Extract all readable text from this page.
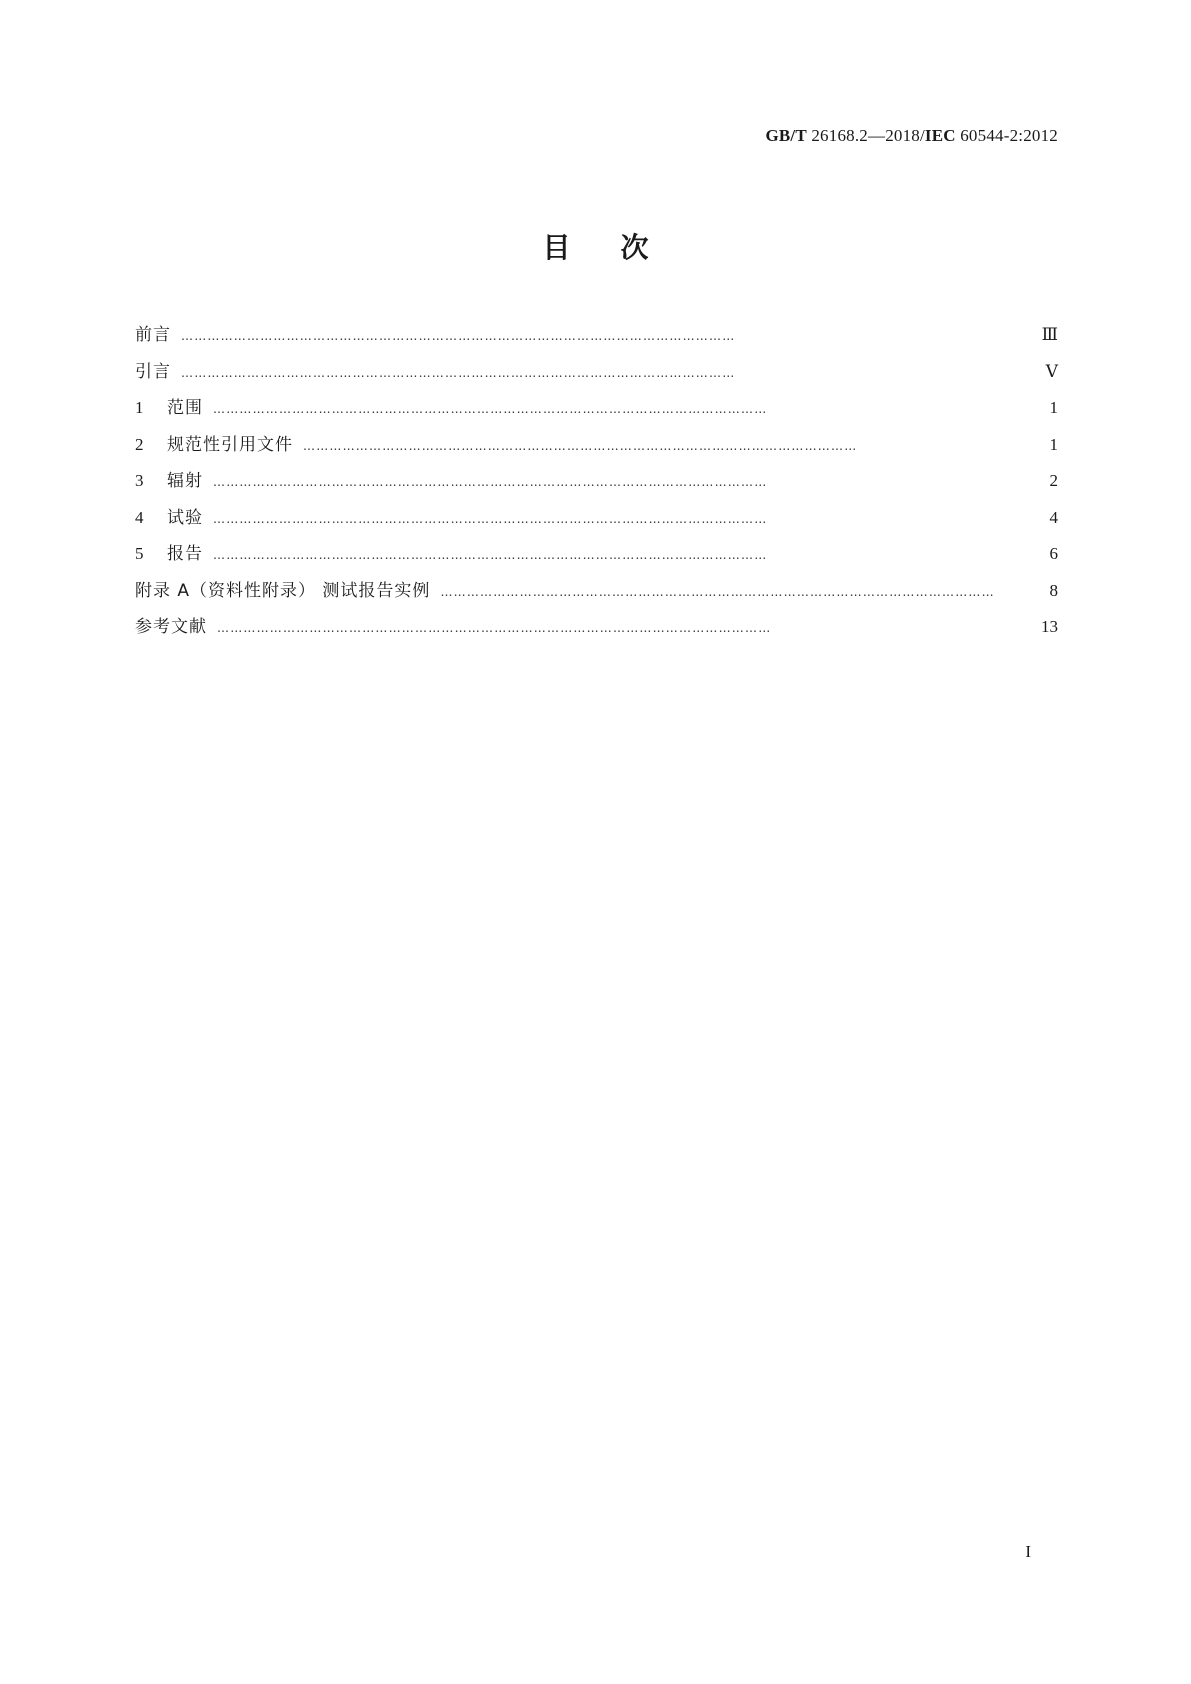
GB/T 26168.2—2018/IEC 60544-2:2012
目次
前言 ………………………………………………………………………………………………………………	Ⅲ
引言 ………………………………………………………………………………………………………………	Ⅴ
1	范围 ………………………………………………………………………………………………………………	1
2	规范性引用文件 ………………………………………………………………………………………………………………	1
3	辐射 ………………………………………………………………………………………………………………	2
4	试验 ………………………………………………………………………………………………………………	4
5	报告 ………………………………………………………………………………………………………………	6
附录 A（资料性附录） 测试报告实例 ………………………………………………………………………………………………………………	8
参考文献 ………………………………………………………………………………………………………………	13
I
